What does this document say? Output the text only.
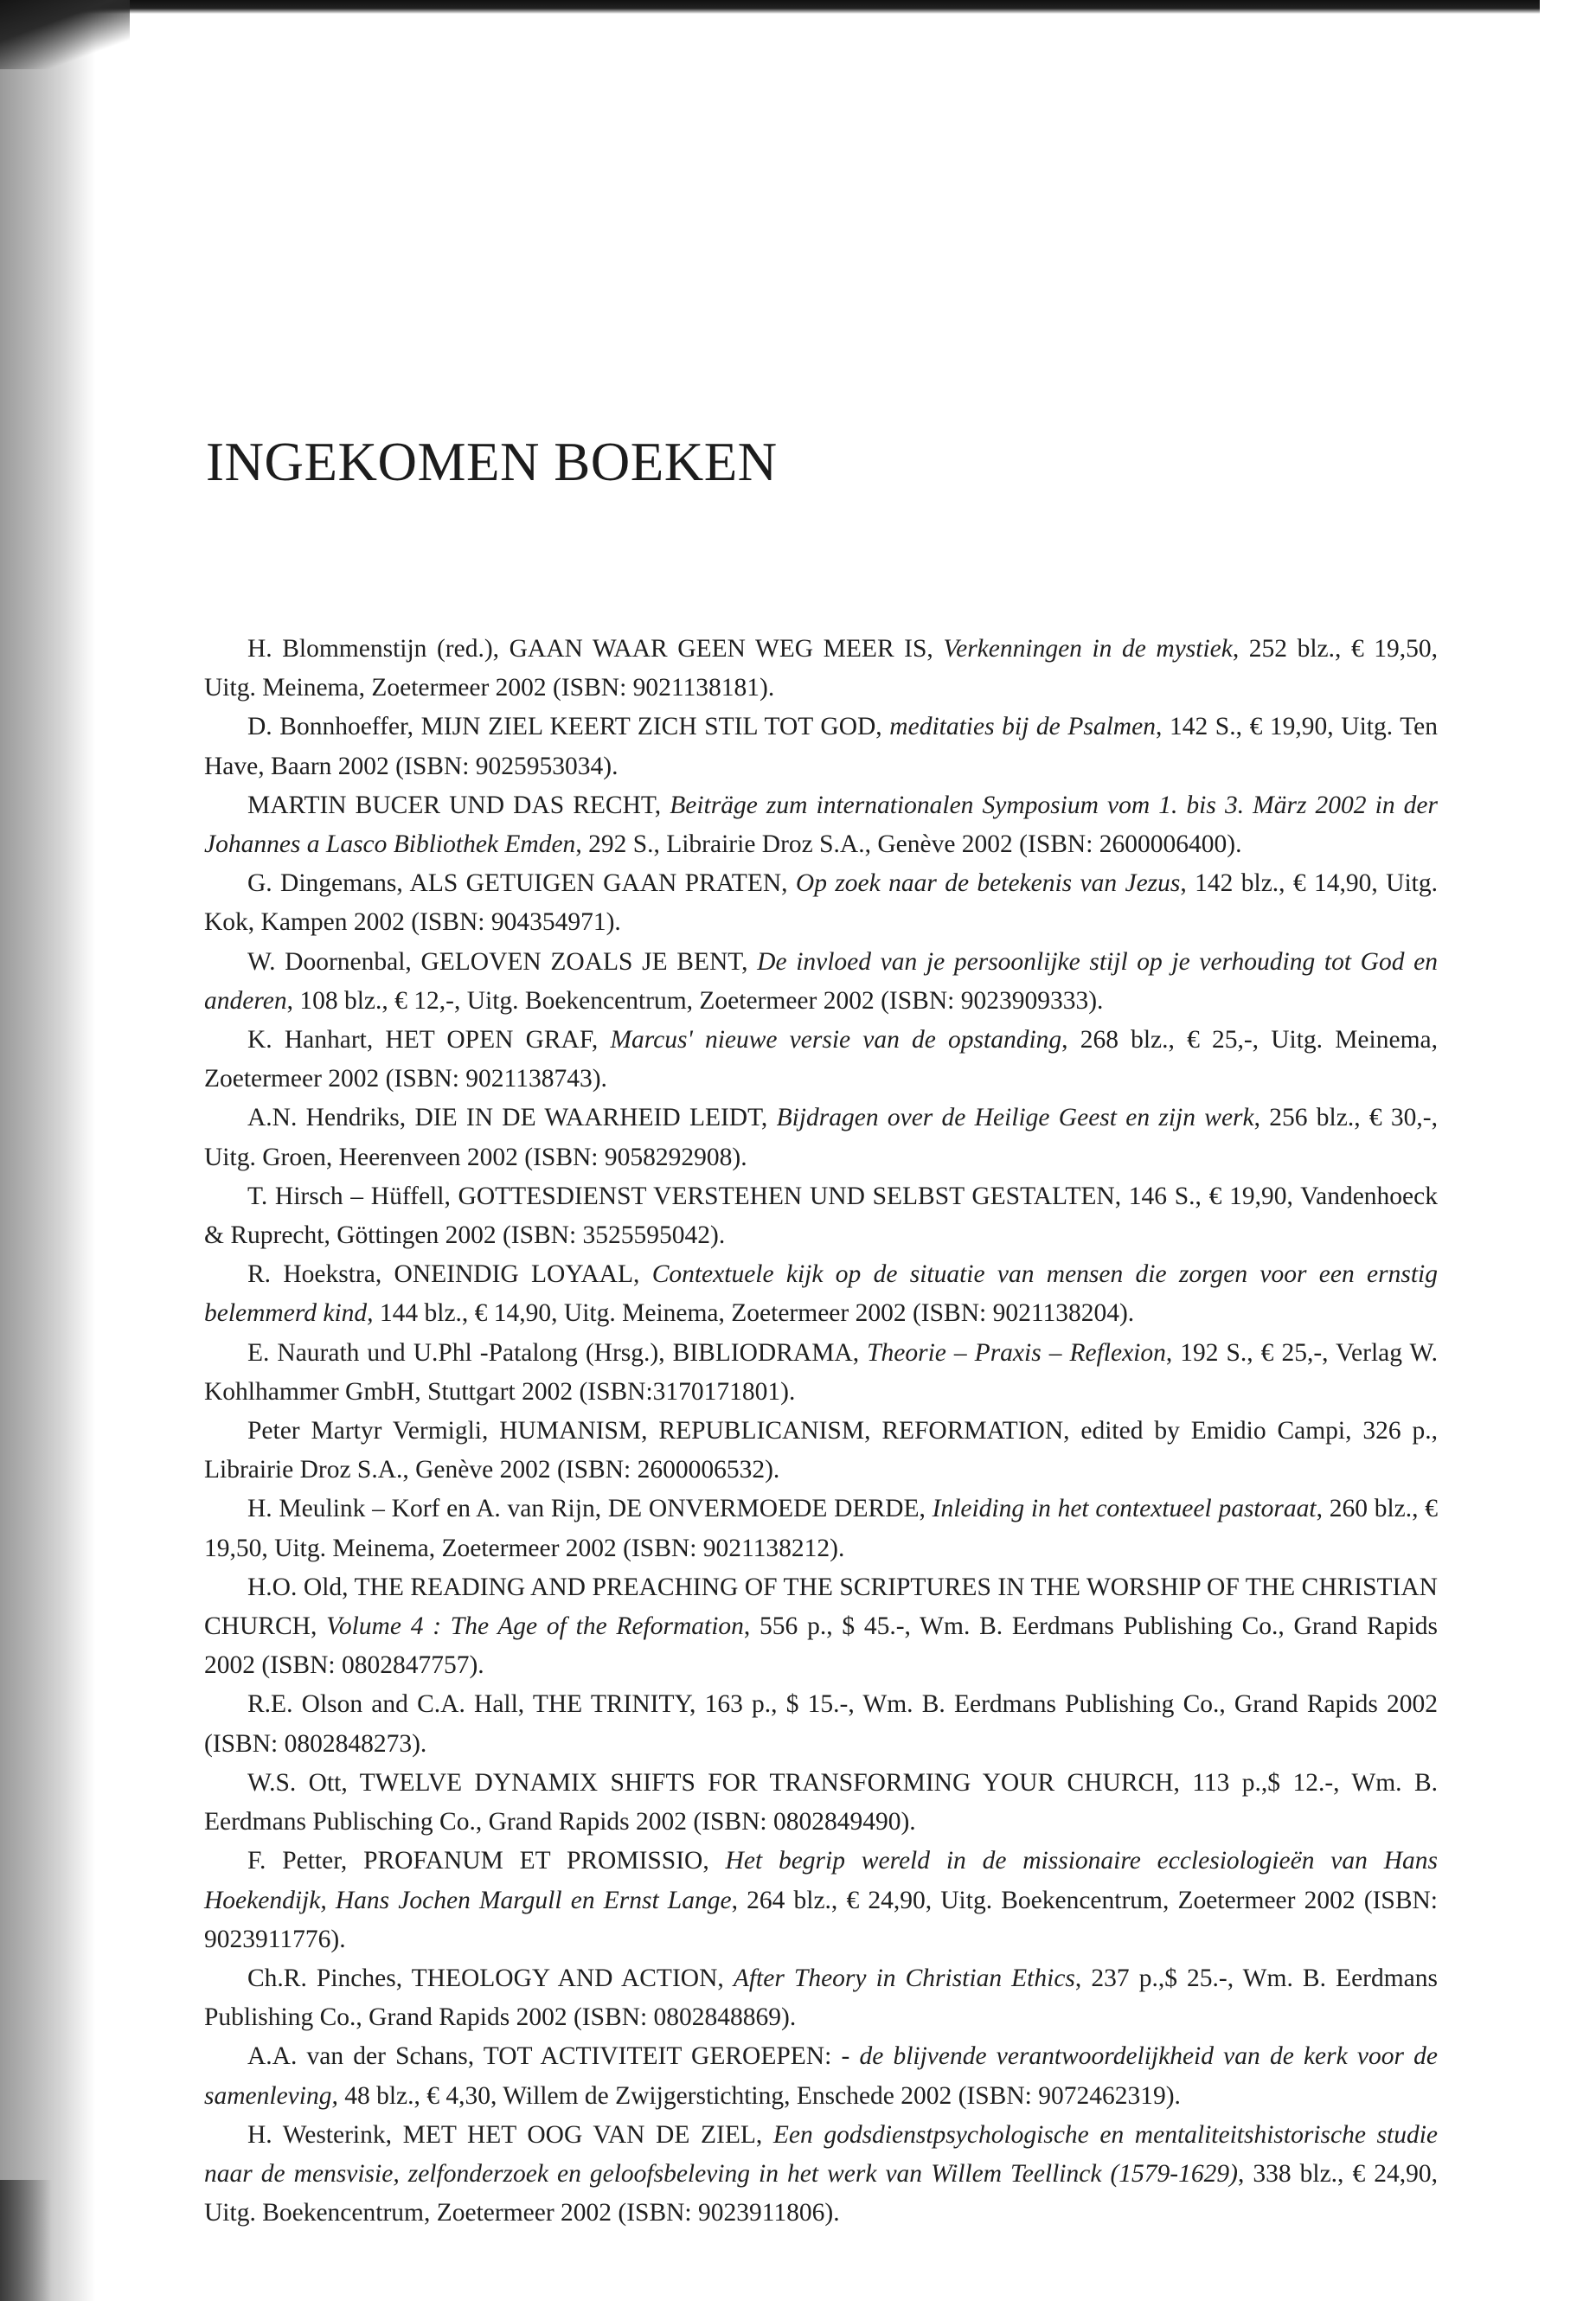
INGEKOMEN BOEKEN

H. Blommenstijn (red.), GAAN WAAR GEEN WEG MEER IS, Verkenningen in de mystiek, 252 blz., € 19,50, Uitg. Meinema, Zoetermeer 2002 (ISBN: 9021138181).

D. Bonnhoeffer, MIJN ZIEL KEERT ZICH STIL TOT GOD, meditaties bij de Psalmen, 142 S., € 19,90, Uitg. Ten Have, Baarn 2002 (ISBN: 9025953034).

MARTIN BUCER UND DAS RECHT, Beiträge zum internationalen Symposium vom 1. bis 3. März 2002 in der Johannes a Lasco Bibliothek Emden, 292 S., Librairie Droz S.A., Genève 2002 (ISBN: 2600006400).

G. Dingemans, ALS GETUIGEN GAAN PRATEN, Op zoek naar de betekenis van Jezus, 142 blz., € 14,90, Uitg. Kok, Kampen 2002 (ISBN: 904354971).

W. Doornenbal, GELOVEN ZOALS JE BENT, De invloed van je persoonlijke stijl op je verhouding tot God en anderen, 108 blz., € 12,-, Uitg. Boekencentrum, Zoetermeer 2002 (ISBN: 9023909333).

K. Hanhart, HET OPEN GRAF, Marcus' nieuwe versie van de opstanding, 268 blz., € 25,-, Uitg. Meinema, Zoetermeer 2002 (ISBN: 9021138743).

A.N. Hendriks, DIE IN DE WAARHEID LEIDT, Bijdragen over de Heilige Geest en zijn werk, 256 blz., € 30,-, Uitg. Groen, Heerenveen 2002 (ISBN: 9058292908).

T. Hirsch – Hüffell, GOTTESDIENST VERSTEHEN UND SELBST GESTALTEN, 146 S., € 19,90, Vandenhoeck & Ruprecht, Göttingen 2002 (ISBN: 3525595042).

R. Hoekstra, ONEINDIG LOYAAL, Contextuele kijk op de situatie van mensen die zorgen voor een ernstig belemmerd kind, 144 blz., € 14,90, Uitg. Meinema, Zoetermeer 2002 (ISBN: 9021138204).

E. Naurath und U.Phl -Patalong (Hrsg.), BIBLIODRAMA, Theorie – Praxis – Reflexion, 192 S., € 25,-, Verlag W. Kohlhammer GmbH, Stuttgart 2002 (ISBN:3170171801).

Peter Martyr Vermigli, HUMANISM, REPUBLICANISM, REFORMATION, edited by Emidio Campi, 326 p., Librairie Droz S.A., Genève 2002 (ISBN: 2600006532).

H. Meulink – Korf en A. van Rijn, DE ONVERMOEDE DERDE, Inleiding in het contextueel pastoraat, 260 blz., € 19,50, Uitg. Meinema, Zoetermeer 2002 (ISBN: 9021138212).

H.O. Old, THE READING AND PREACHING OF THE SCRIPTURES IN THE WORSHIP OF THE CHRISTIAN CHURCH, Volume 4 : The Age of the Reformation, 556 p., $ 45.-, Wm. B. Eerdmans Publishing Co., Grand Rapids 2002 (ISBN: 0802847757).

R.E. Olson and C.A. Hall, THE TRINITY, 163 p., $ 15.-, Wm. B. Eerdmans Publishing Co., Grand Rapids 2002 (ISBN: 0802848273).

W.S. Ott, TWELVE DYNAMIX SHIFTS FOR TRANSFORMING YOUR CHURCH, 113 p.,$ 12.-, Wm. B. Eerdmans Publisching Co., Grand Rapids 2002 (ISBN: 0802849490).

F. Petter, PROFANUM ET PROMISSIO, Het begrip wereld in de missionaire ecclesiologieën van Hans Hoekendijk, Hans Jochen Margull en Ernst Lange, 264 blz., € 24,90, Uitg. Boekencentrum, Zoetermeer 2002 (ISBN: 9023911776).

Ch.R. Pinches, THEOLOGY AND ACTION, After Theory in Christian Ethics, 237 p.,$ 25.-, Wm. B. Eerdmans Publishing Co., Grand Rapids 2002 (ISBN: 0802848869).

A.A. van der Schans, TOT ACTIVITEIT GEROEPEN: - de blijvende verantwoordelijkheid van de kerk voor de samenleving, 48 blz., € 4,30, Willem de Zwijgerstichting, Enschede 2002 (ISBN: 9072462319).

H. Westerink, MET HET OOG VAN DE ZIEL, Een godsdienstpsychologische en mentaliteitshistorische studie naar de mensvisie, zelfonderzoek en geloofsbeleving in het werk van Willem Teellinck (1579-1629), 338 blz., € 24,90, Uitg. Boekencentrum, Zoetermeer 2002 (ISBN: 9023911806).
